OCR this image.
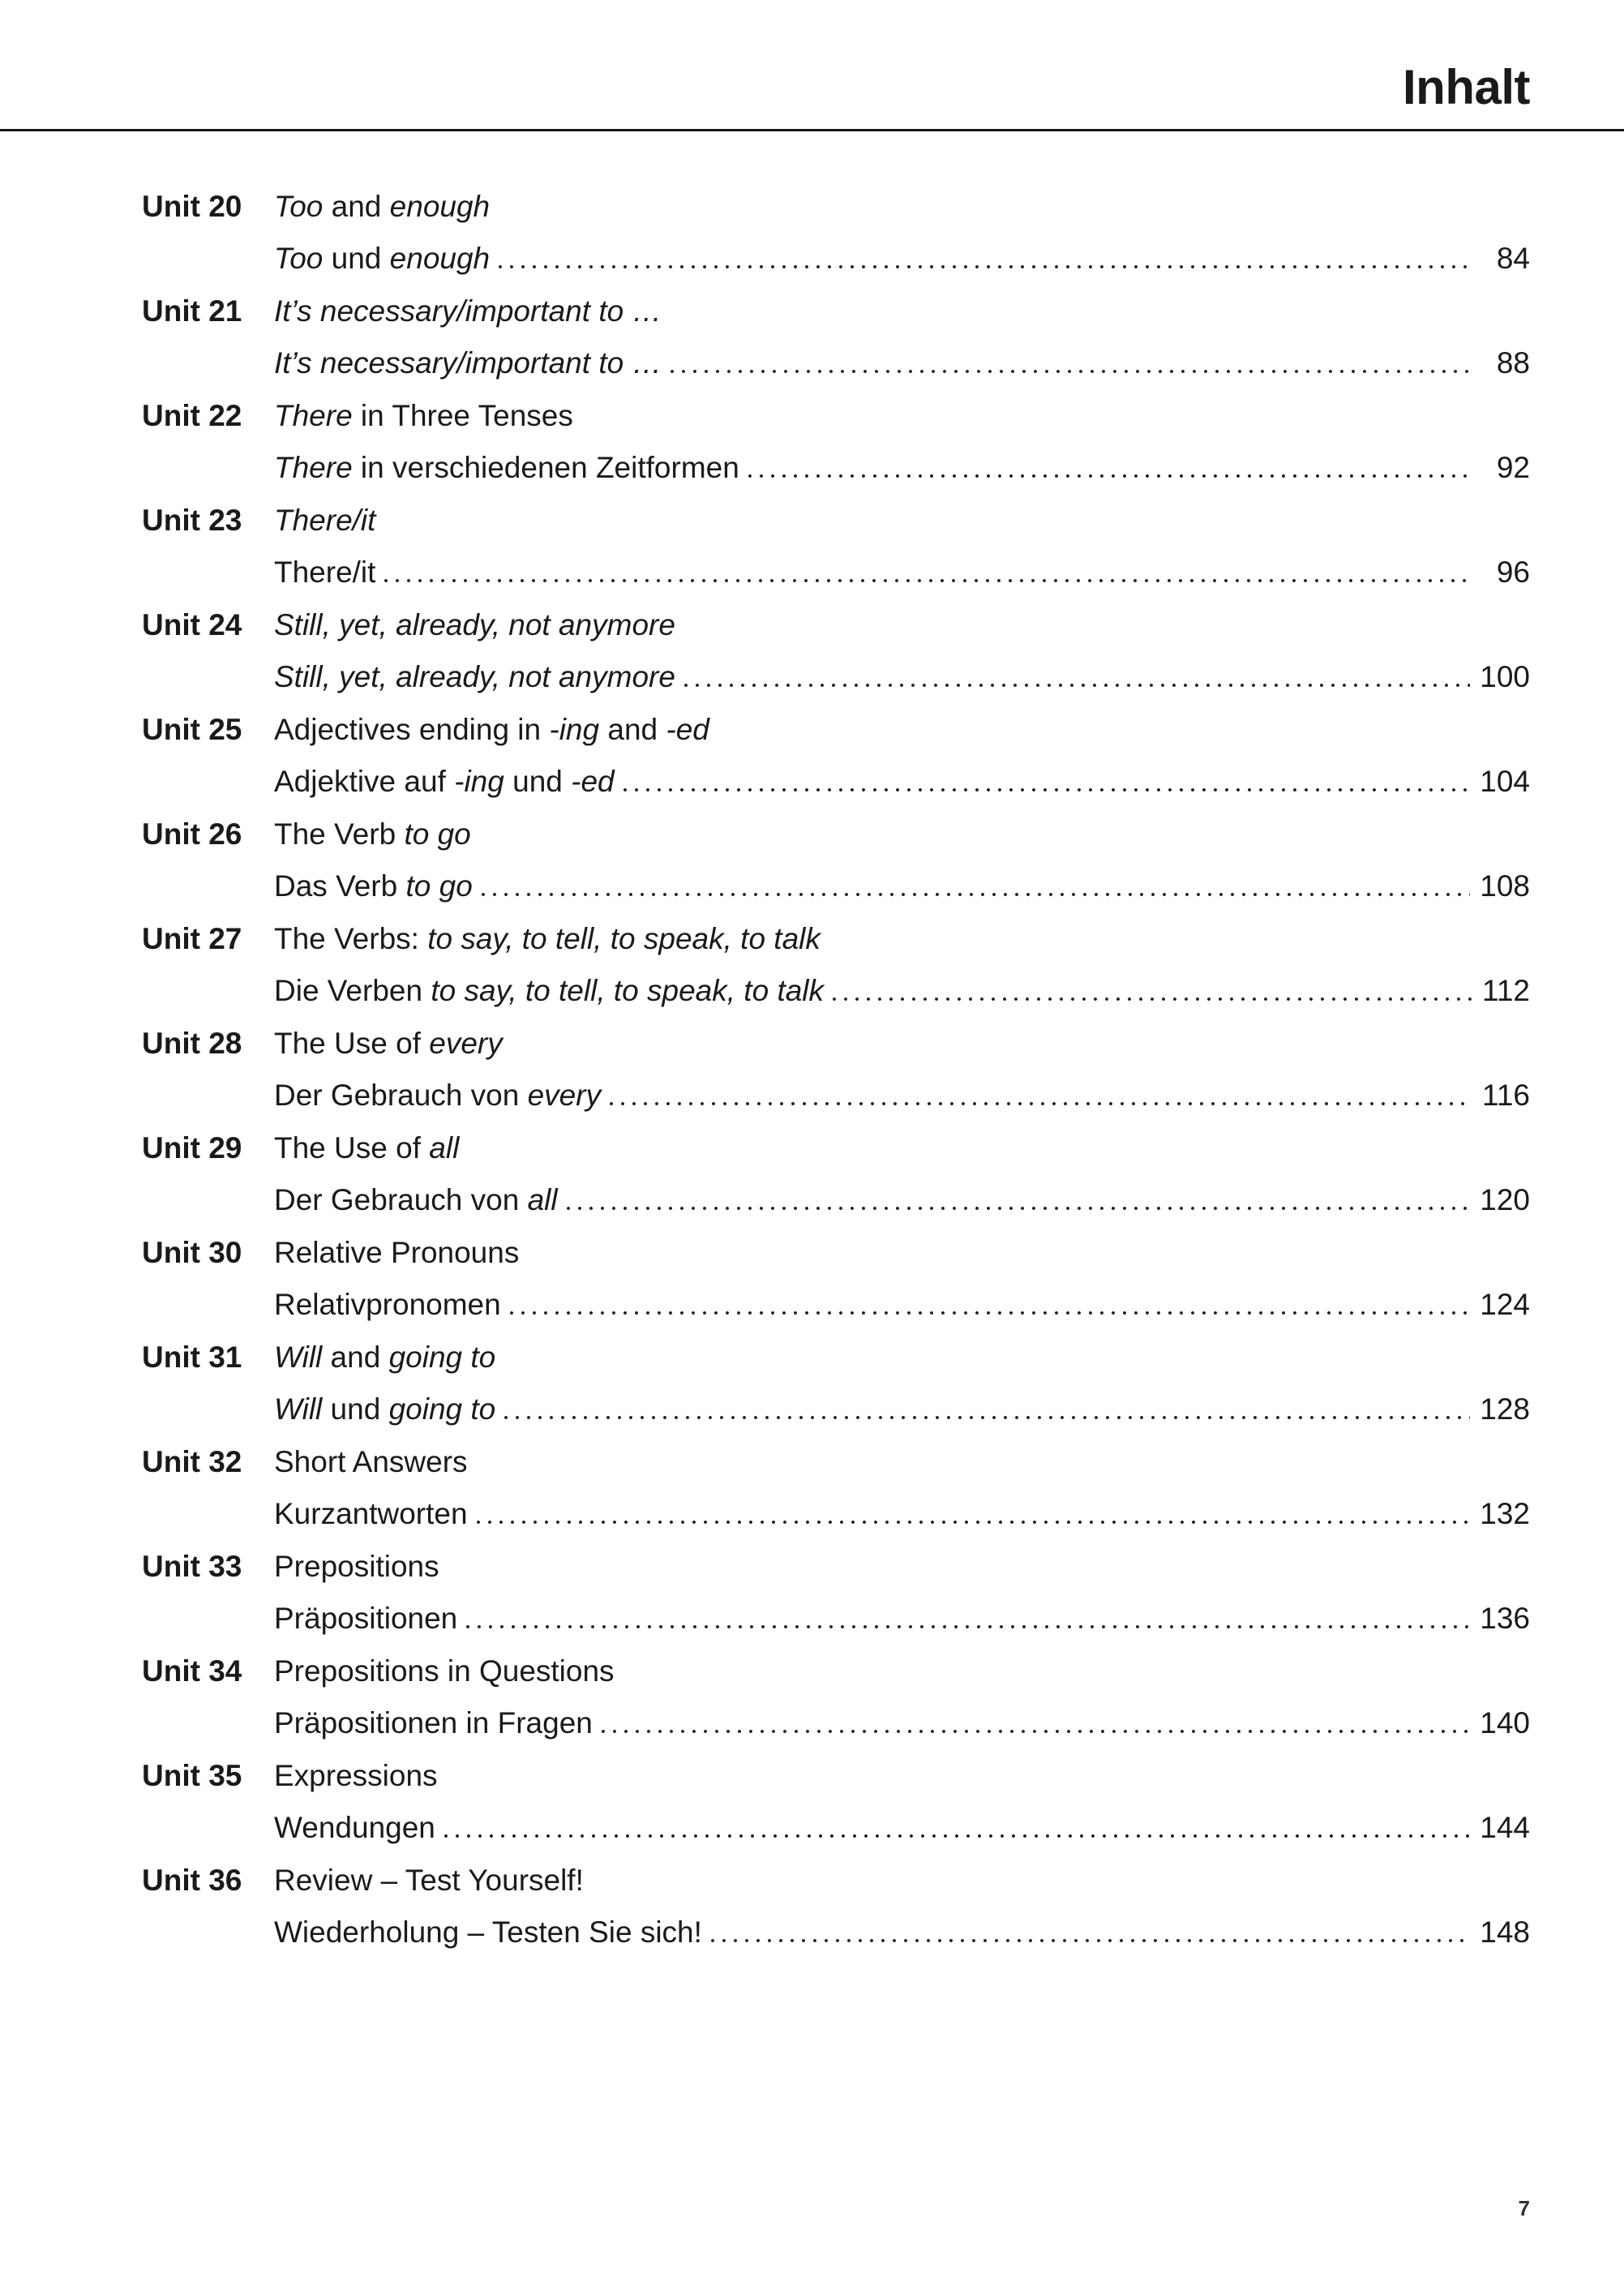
Inhalt
Unit 20	Too and enough
Too und enough	84
Unit 21	It’s necessary/important to …
It’s necessary/important to …	88
Unit 22	There in Three Tenses
There in verschiedenen Zeitformen	92
Unit 23	There/it
There/it	96
Unit 24	Still, yet, already, not anymore
Still, yet, already, not anymore	100
Unit 25	Adjectives ending in -ing and -ed
Adjektive auf -ing und -ed	104
Unit 26	The Verb to go
Das Verb to go	108
Unit 27	The Verbs: to say, to tell, to speak, to talk
Die Verben to say, to tell, to speak, to talk	112
Unit 28	The Use of every
Der Gebrauch von every	116
Unit 29	The Use of all
Der Gebrauch von all	120
Unit 30	Relative Pronouns
Relativpronomen	124
Unit 31	Will and going to
Will und going to	128
Unit 32	Short Answers
Kurzantworten	132
Unit 33	Prepositions
Präpositionen	136
Unit 34	Prepositions in Questions
Präpositionen in Fragen	140
Unit 35	Expressions
Wendungen	144
Unit 36	Review – Test Yourself!
Wiederholung – Testen Sie sich!	148
7
